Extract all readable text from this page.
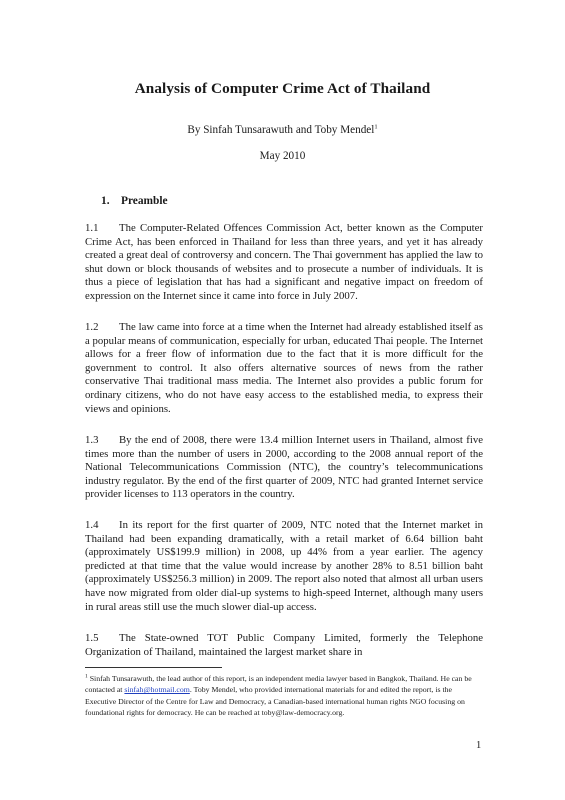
Analysis of Computer Crime Act of Thailand
By Sinfah Tunsarawuth and Toby Mendel$^1$
May 2010
1. Preamble

1.1 The Computer-Related Offences Commission Act, better known as the Computer Crime Act, has been enforced in Thailand for less than three years, and yet it has already created a great deal of controversy and concern. The Thai government has applied the law to shut down or block thousands of websites and to prosecute a number of individuals. It is thus a piece of legislation that has had a significant and negative impact on freedom of expression on the Internet since it came into force in July 2007.

1.2 The law came into force at a time when the Internet had already established itself as a popular means of communication, especially for urban, educated Thai people. The Internet allows for a freer flow of information due to the fact that it is more difficult for the government to control. It also offers alternative sources of news from the rather conservative Thai traditional mass media. The Internet also provides a public forum for ordinary citizens, who do not have easy access to the established media, to express their views and opinions.

1.3 By the end of 2008, there were 13.4 million Internet users in Thailand, almost five times more than the number of users in 2000, according to the 2008 annual report of the National Telecommunications Commission (NTC), the country’s telecommunications industry regulator. By the end of the first quarter of 2009, NTC had granted Internet service provider licenses to 113 operators in the country.

1.4 In its report for the first quarter of 2009, NTC noted that the Internet market in Thailand had been expanding dramatically, with a retail market of 6.64 billion baht (approximately US$199.9 million) in 2008, up 44% from a year earlier. The agency predicted at that time that the value would increase by another 28% to 8.51 billion baht (approximately US$256.3 million) in 2009. The report also noted that almost all urban users have now migrated from older dial-up systems to high-speed Internet, although many users in rural areas still use the much slower dial-up access.

1.5 The State-owned TOT Public Company Limited, formerly the Telephone Organization of Thailand, maintained the largest market share in

$^1$ Sinfah Tunsarawuth, the lead author of this report, is an independent media lawyer based in Bangkok, Thailand. He can be contacted at sinfah@hotmail.com. Toby Mendel, who provided international materials for and edited the report, is the Executive Director of the Centre for Law and Democracy, a Canadian-based international human rights NGO focusing on foundational rights for democracy. He can be reached at toby@law-democracy.org.
1
